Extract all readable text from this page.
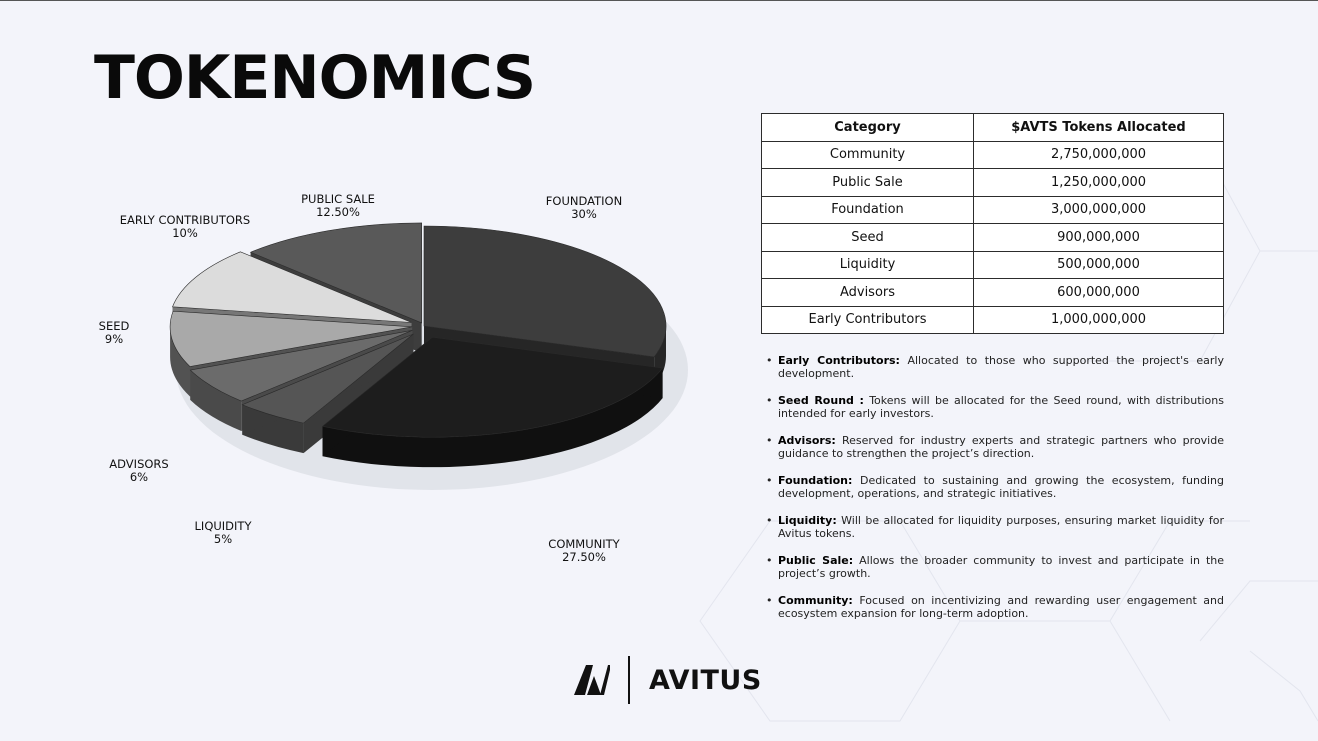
TOKENOMICS
FOUNDATION
30%
COMMUNITY
27.50%
LIQUIDITY
5%
ADVISORS
6%
SEED
9%
EARLY CONTRIBUTORS
10%
PUBLIC SALE
12.50%
Category	$AVTS Tokens Allocated
Community	2,750,000,000
Public Sale	1,250,000,000
Foundation	3,000,000,000
Seed	900,000,000
Liquidity	500,000,000
Advisors	600,000,000
Early Contributors	1,000,000,000
• Early Contributors: Allocated to those who supported the project's early development.
• Seed Round : Tokens will be allocated for the Seed round, with distributions intended for early investors.
• Advisors: Reserved for industry experts and strategic partners who provide guidance to strengthen the project’s direction.
• Foundation: Dedicated to sustaining and growing the ecosystem, funding development, operations, and strategic initiatives.
• Liquidity: Will be allocated for liquidity purposes, ensuring market liquidity for Avitus tokens.
• Public Sale: Allows the broader community to invest and participate in the project’s growth.
• Community: Focused on incentivizing and rewarding user engagement and ecosystem expansion for long-term adoption.
AVITUS
